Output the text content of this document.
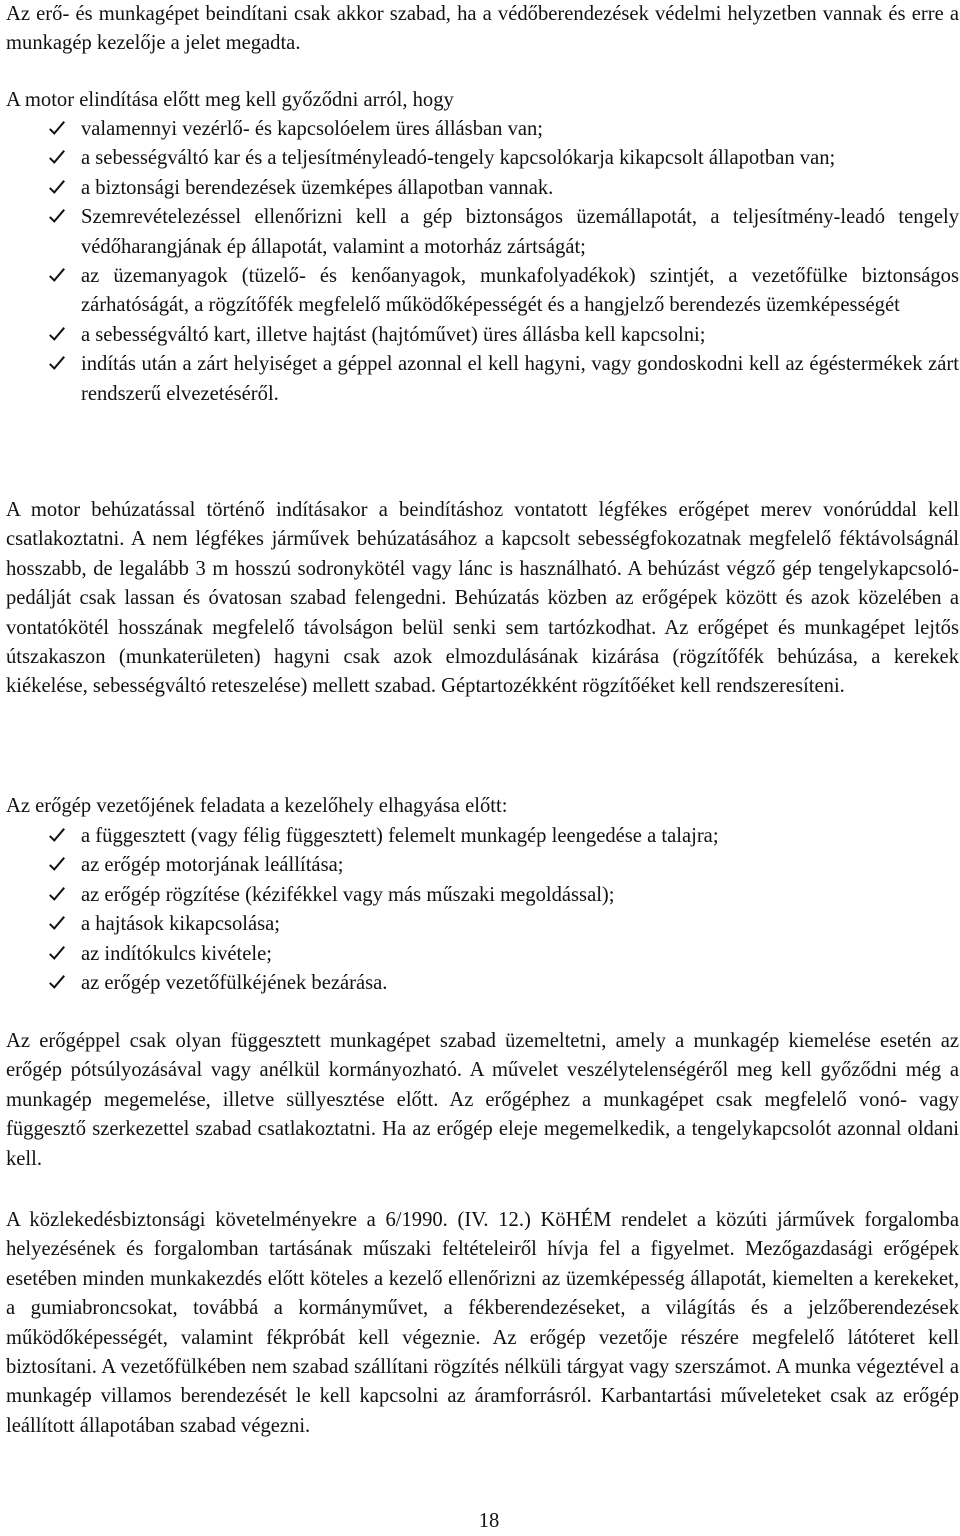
Az erő- és munkagépet beindítani csak akkor szabad, ha a védőberendezések védelmi helyzetben vannak és erre a munkagép kezelője a jelet megadta.

A motor elindítása előtt meg kell győződni arról, hogy

valamennyi vezérlő- és kapcsolóelem üres állásban van;
a sebességváltó kar és a teljesítményleadó-tengely kapcsolókarja kikapcsolt állapotban van;
a biztonsági berendezések üzemképes állapotban vannak.
Szemrevételezéssel ellenőrizni kell a gép biztonságos üzemállapotát, a teljesítmény-leadó tengely védőharangjának ép állapotát, valamint a motorház zártságát;
az üzemanyagok (tüzelő- és kenőanyagok, munkafolyadékok) szintjét, a vezetőfülke biztonságos zárhatóságát, a rögzítőfék megfelelő működőképességét és a hangjelző berendezés üzemképességét
a sebességváltó kart, illetve hajtást (hajtóművet) üres állásba kell kapcsolni;
indítás után a zárt helyiséget a géppel azonnal el kell hagyni, vagy gondoskodni kell az égéstermékek zárt rendszerű elvezetéséről.

A motor behúzatással történő indításakor a beindításhoz vontatott légfékes erőgépet merev vonórúddal kell csatlakoztatni. A nem légfékes járművek behúzatásához a kapcsolt sebességfokozatnak megfelelő féktávolságnál hosszabb, de legalább 3 m hosszú sodronykötél vagy lánc is használható. A behúzást végző gép tengelykapcsoló-pedálját csak lassan és óvatosan szabad felengedni. Behúzatás közben az erőgépek között és azok közelében a vontatókötél hosszának megfelelő távolságon belül senki sem tartózkodhat. Az erőgépet és munkagépet lejtős útszakaszon (munkaterületen) hagyni csak azok elmozdulásának kizárása (rögzítőfék behúzása, a kerekek kiékelése, sebességváltó reteszelése) mellett szabad. Géptartozékként rögzítőéket kell rendszeresíteni.

Az erőgép vezetőjének feladata a kezelőhely elhagyása előtt:

a függesztett (vagy félig függesztett) felemelt munkagép leengedése a talajra;
az erőgép motorjának leállítása;
az erőgép rögzítése (kézifékkel vagy más műszaki megoldással);
a hajtások kikapcsolása;
az indítókulcs kivétele;
az erőgép vezetőfülkéjének bezárása.

Az erőgéppel csak olyan függesztett munkagépet szabad üzemeltetni, amely a munkagép kiemelése esetén az erőgép pótsúlyozásával vagy anélkül kormányozható. A művelet veszélytelenségéről meg kell győződni még a munkagép megemelése, illetve süllyesztése előtt. Az erőgéphez a munkagépet csak megfelelő vonó- vagy függesztő szerkezettel szabad csatlakoztatni. Ha az erőgép eleje megemelkedik, a tengelykapcsolót azonnal oldani kell.

A közlekedésbiztonsági követelményekre a 6/1990. (IV. 12.) KöHÉM rendelet a közúti járművek forgalomba helyezésének és forgalomban tartásának műszaki feltételeiről hívja fel a figyelmet. Mezőgazdasági erőgépek esetében minden munkakezdés előtt köteles a kezelő ellenőrizni az üzemképesség állapotát, kiemelten a kerekeket, a gumiabroncsokat, továbbá a kormányművet, a fékberendezéseket, a világítás és a jelzőberendezések működőképességét, valamint fékpróbát kell végeznie. Az erőgép vezetője részére megfelelő látóteret kell biztosítani. A vezetőfülkében nem szabad szállítani rögzítés nélküli tárgyat vagy szerszámot. A munka végeztével a munkagép villamos berendezését le kell kapcsolni az áramforrásról. Karbantartási műveleteket csak az erőgép leállított állapotában szabad végezni.

18
